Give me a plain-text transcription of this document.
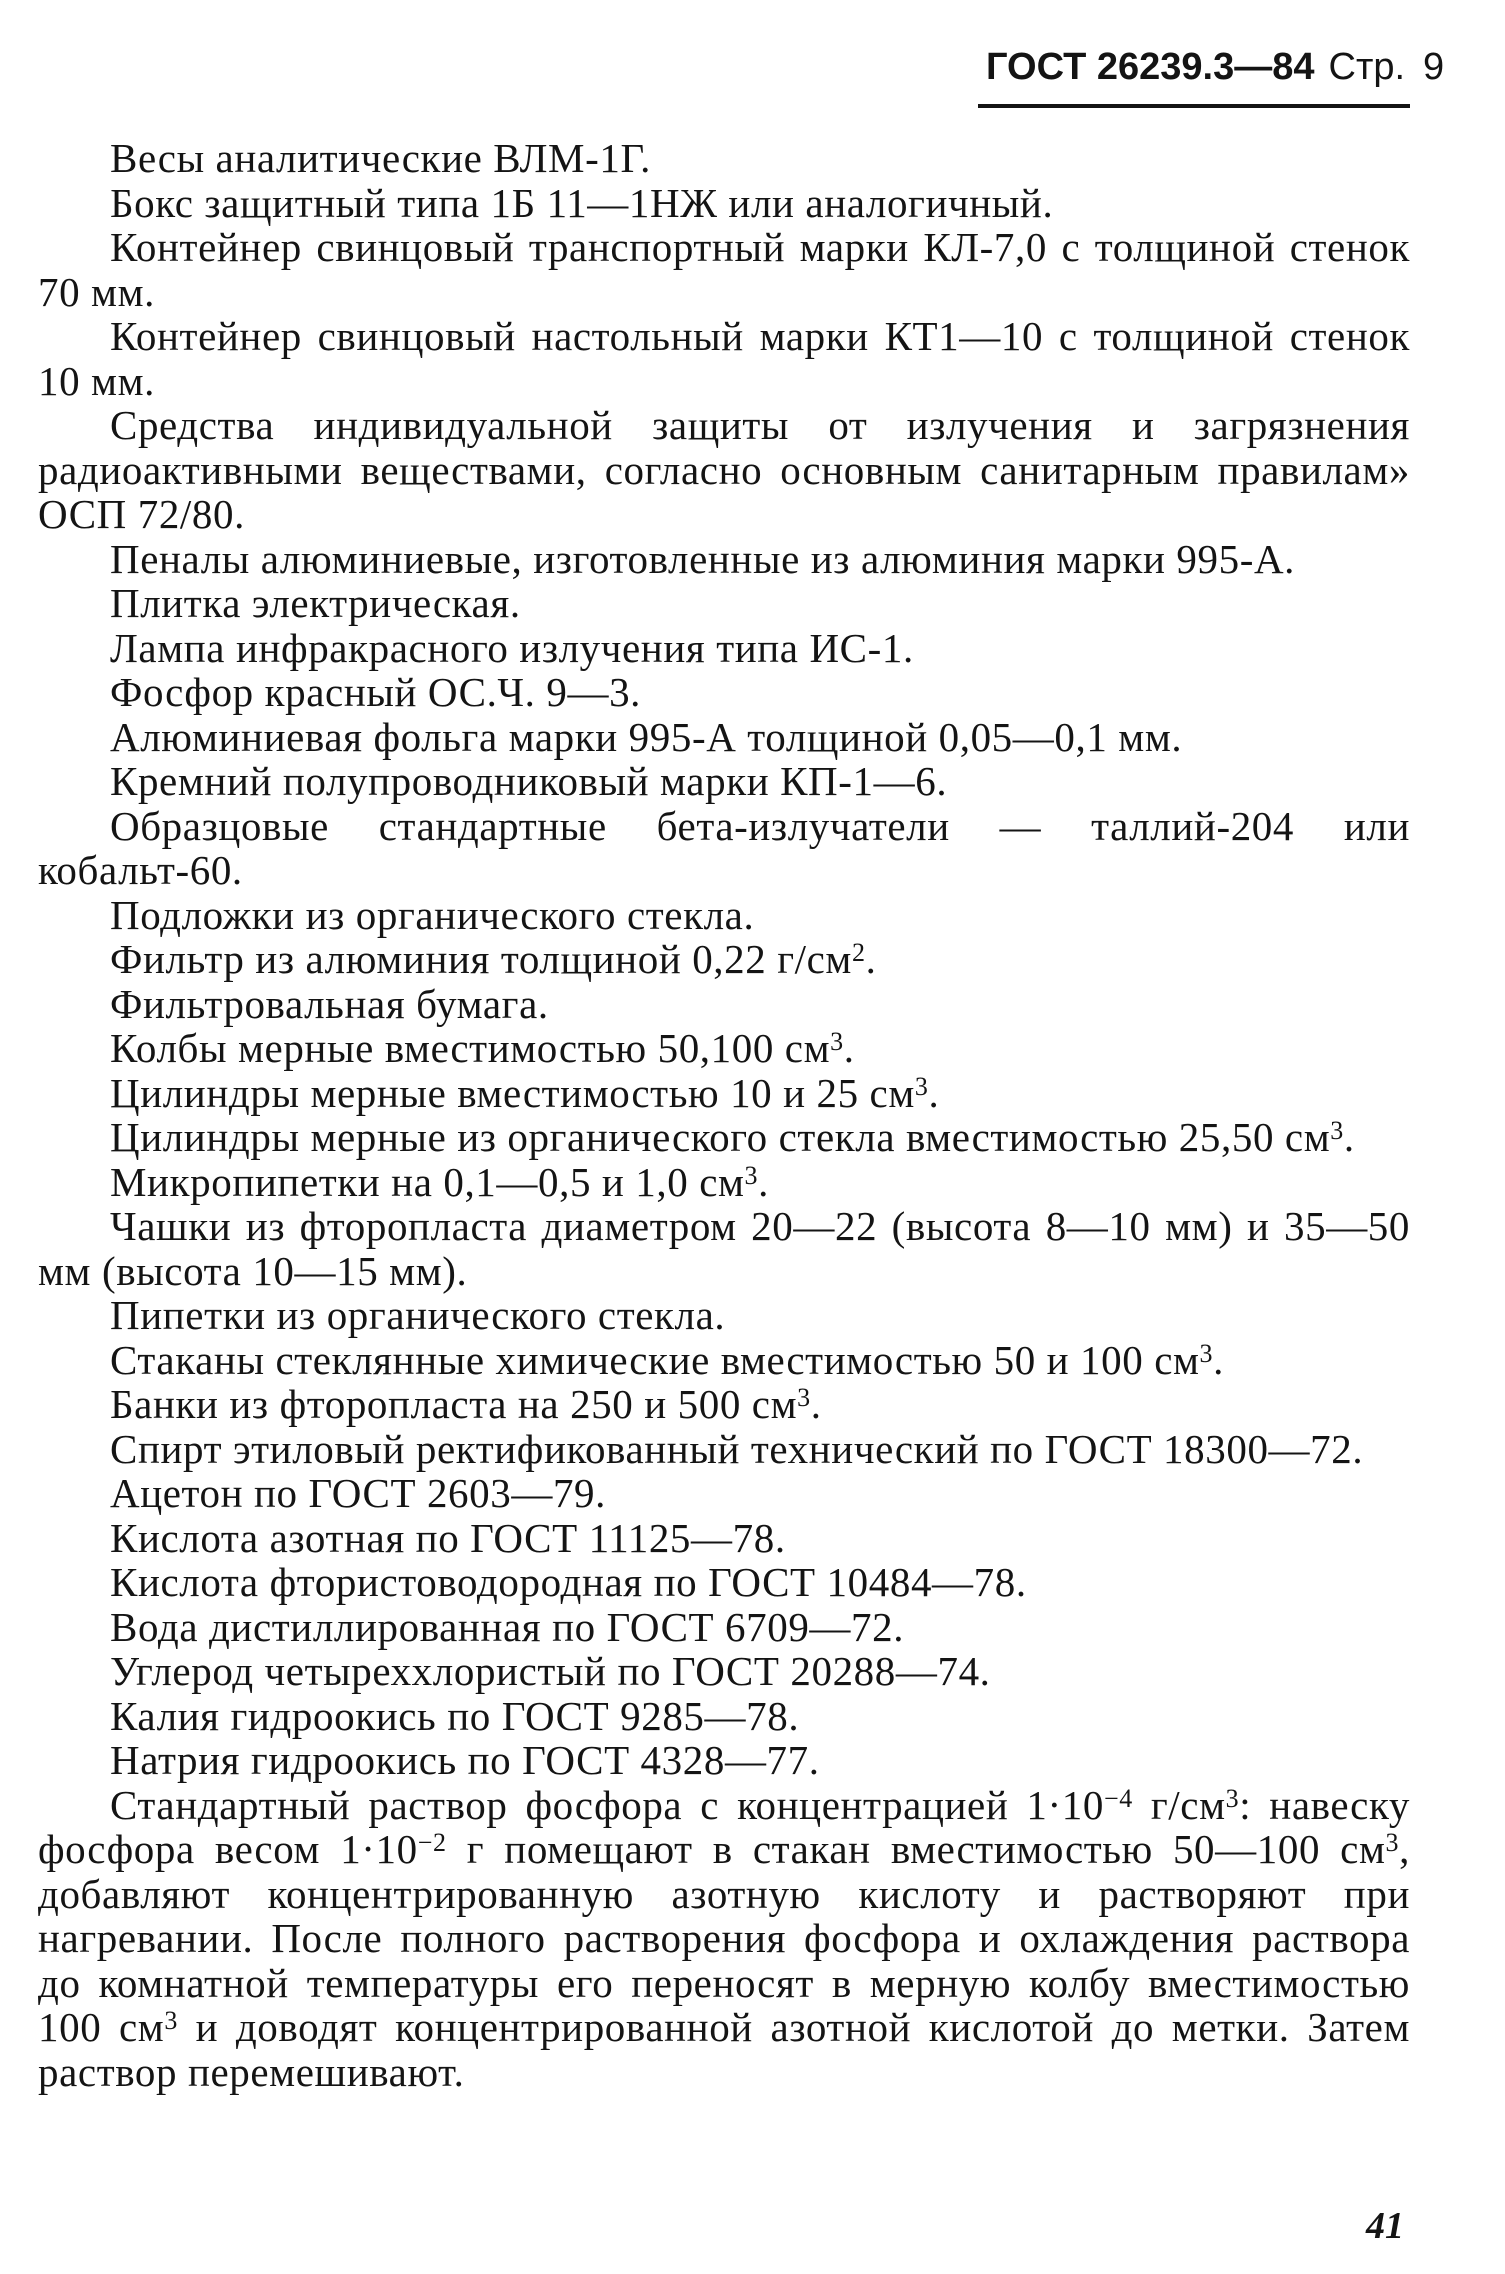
ГОСТ 26239.3—84 Стр. 9

Весы аналитические ВЛМ-1Г.

Бокс защитный типа 1Б 11—1НЖ или аналогичный.

Контейнер свинцовый транспортный марки КЛ-7,0 с толщиной стенок 70 мм.

Контейнер свинцовый настольный марки КТ1—10 с толщиной стенок 10 мм.

Средства индивидуальной защиты от излучения и загрязнения радиоактивными веществами, согласно основным санитарным правилам» ОСП 72/80.

Пеналы алюминиевые, изготовленные из алюминия марки 995-А.

Плитка электрическая.

Лампа инфракрасного излучения типа ИС-1.

Фосфор красный ОС.Ч. 9—3.

Алюминиевая фольга марки 995-А толщиной 0,05—0,1 мм.

Кремний полупроводниковый марки КП-1—6.

Образцовые стандартные бета-излучатели — таллий-204 или кобальт-60.

Подложки из органического стекла.

Фильтр из алюминия толщиной 0,22 $г/см^2$.

Фильтровальная бумага.

Колбы мерные вместимостью 50,100 $см^3$.

Цилиндры мерные вместимостью 10 и 25 $см^3$.

Цилиндры мерные из органического стекла вместимостью 25,50 $см^3$.

Микропипетки на 0,1—0,5 и 1,0 $см^3$.

Чашки из фторопласта диаметром 20—22 (высота 8—10 мм) и 35—50 мм (высота 10—15 мм).

Пипетки из органического стекла.

Стаканы стеклянные химические вместимостью 50 и 100 $см^3$.

Банки из фторопласта на 250 и 500 $см^3$.

Спирт этиловый ректификованный технический по ГОСТ 18300—72.

Ацетон по ГОСТ 2603—79.

Кислота азотная по ГОСТ 11125—78.

Кислота фтористоводородная по ГОСТ 10484—78.

Вода дистиллированная по ГОСТ 6709—72.

Углерод четыреххлористый по ГОСТ 20288—74.

Калия гидроокись по ГОСТ 9285—78.

Натрия гидроокись по ГОСТ 4328—77.

Стандартный раствор фосфора с концентрацией $1\cdot 10^{-4}$ $г/см^3$: навеску фосфора весом $1\cdot 10^{-2}$ г помещают в стакан вместимостью 50—100 $см^3$, добавляют концентрированную азотную кислоту и растворяют при нагревании. После полного растворения фосфора и охлаждения раствора до комнатной температуры его переносят в мерную колбу вместимостью 100 $см^3$ и доводят концентрированной азотной кислотой до метки. Затем раствор перемешивают.

41
